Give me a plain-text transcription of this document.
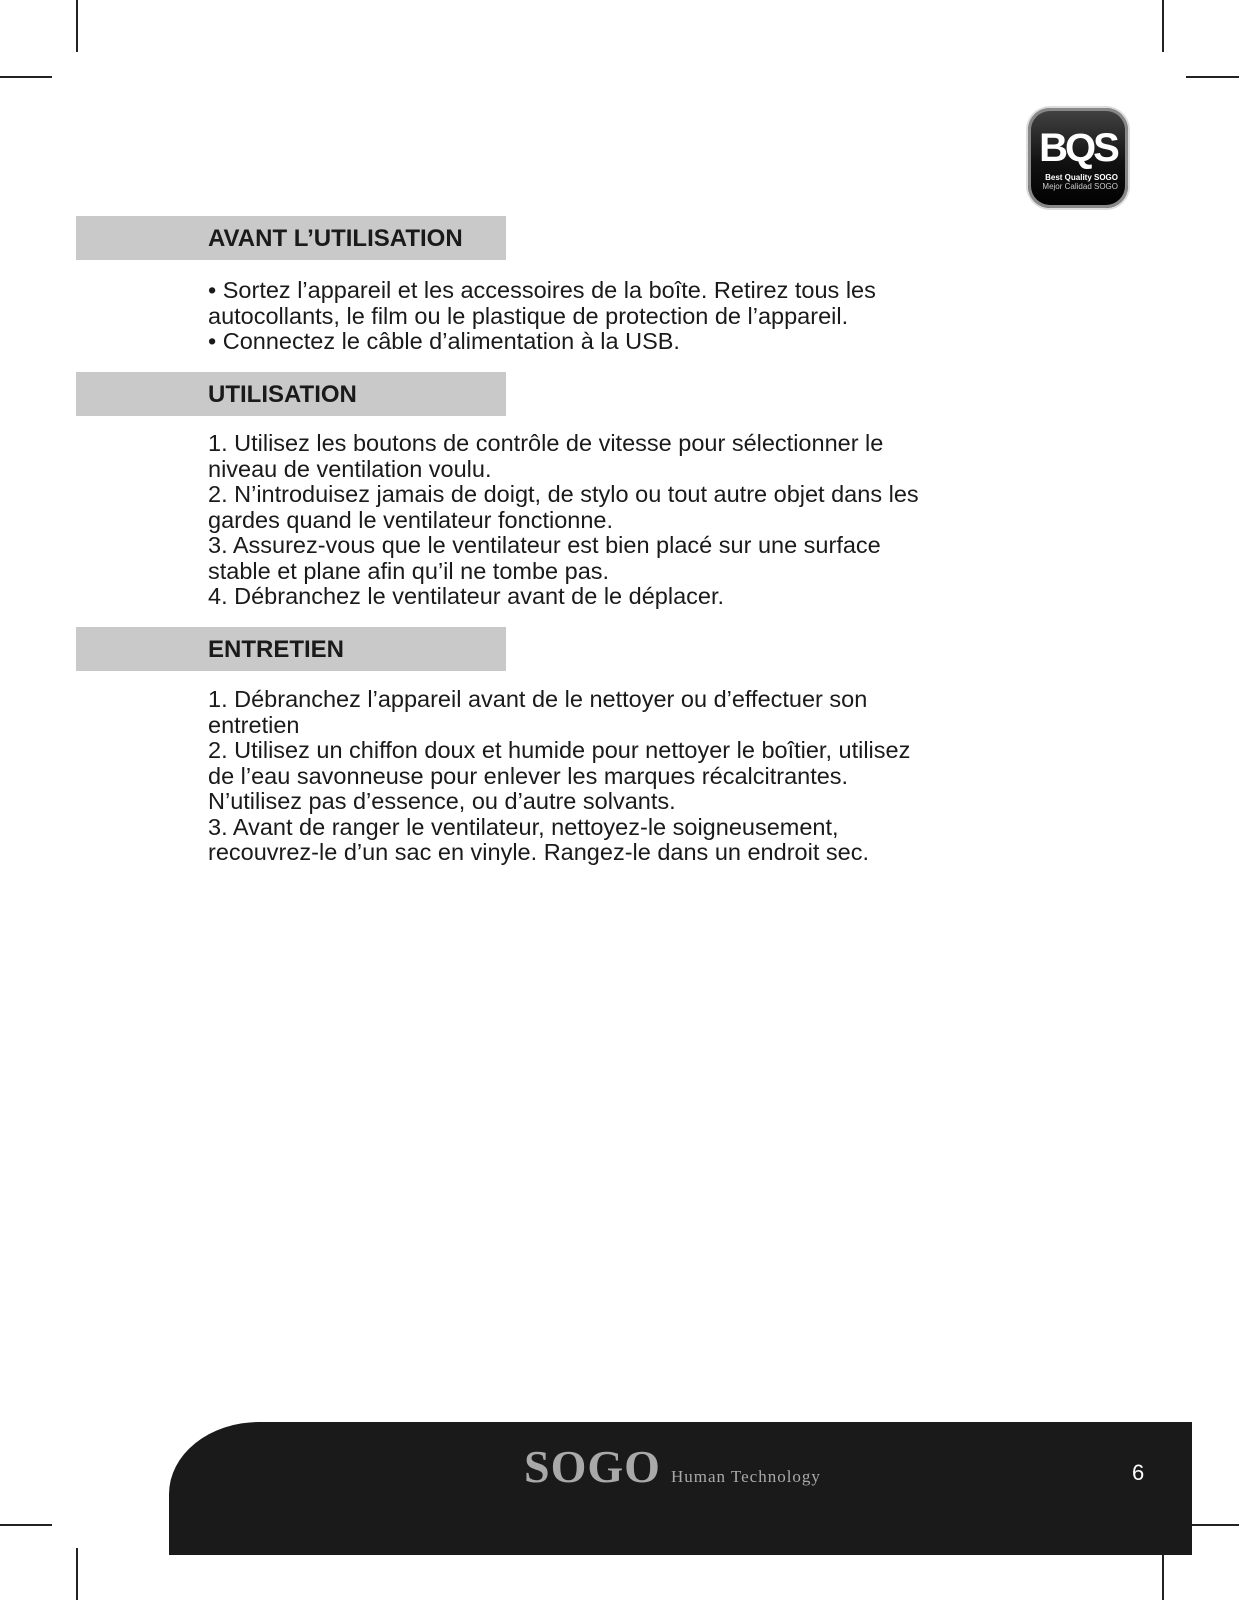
BQS
Best Quality SOGO
Mejor Calidad SOGO
AVANT L’UTILISATION
• Sortez l’appareil et les accessoires de la boîte. Retirez tous les
autocollants, le film ou le plastique de protection de l’appareil.
• Connectez le câble d’alimentation à la USB.
UTILISATION
1. Utilisez les boutons de contrôle de vitesse pour sélectionner le
niveau de ventilation voulu.
2. N’introduisez jamais de doigt, de stylo ou tout autre objet dans les
gardes quand le ventilateur fonctionne.
3. Assurez-vous que le ventilateur est bien placé sur une surface
stable et plane afin qu’il ne tombe pas.
4. Débranchez le ventilateur avant de le déplacer.
ENTRETIEN
1. Débranchez l’appareil avant de le nettoyer ou d’effectuer son
entretien
2. Utilisez un chiffon doux et humide pour nettoyer le boîtier, utilisez
de l’eau savonneuse pour enlever les marques récalcitrantes.
N’utilisez pas d’essence, ou d’autre solvants.
3. Avant de ranger le ventilateur, nettoyez-le soigneusement,
recouvrez-le d’un sac en vinyle. Rangez-le dans un endroit sec.
SOGO Human Technology	6
